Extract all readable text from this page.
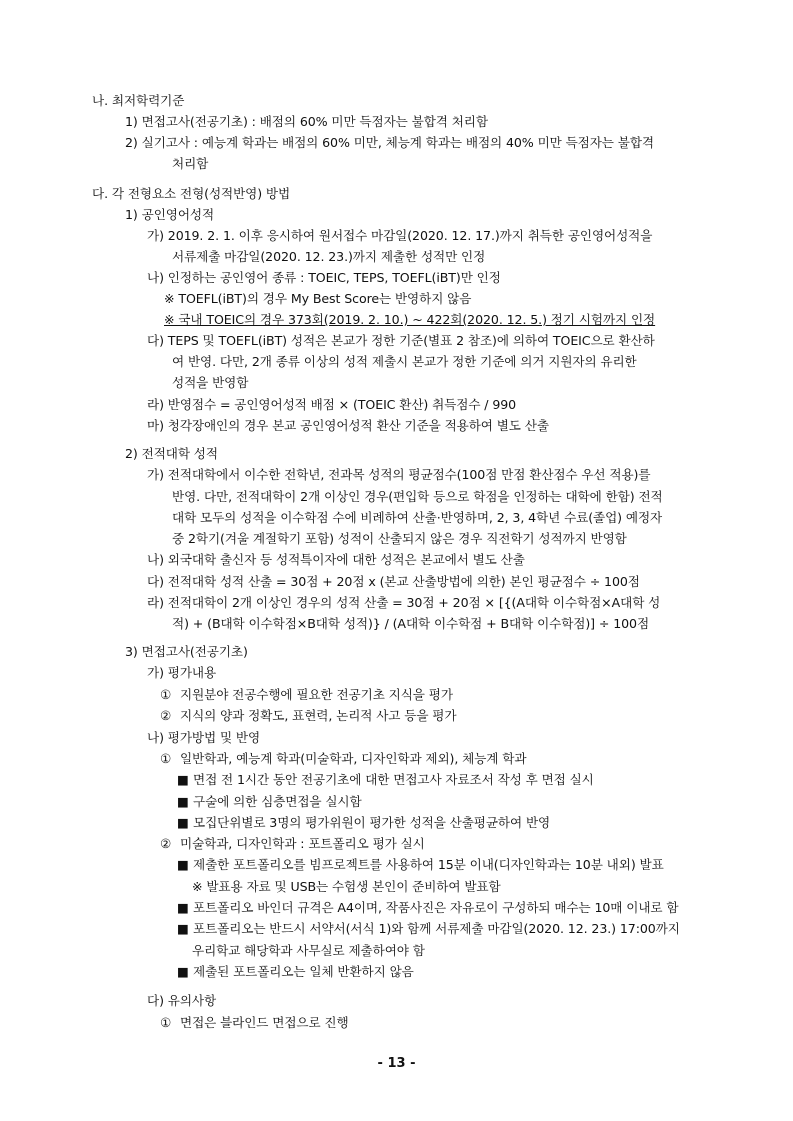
나. 최저학력기준
1) 면접고사(전공기초) : 배점의 60% 미만 득점자는 불합격 처리함
2) 실기고사 : 예능계 학과는 배점의 60% 미만, 체능계 학과는 배점의 40% 미만 득점자는 불합격
처리함
다. 각 전형요소 전형(성적반영) 방법
1) 공인영어성적
가) 2019. 2. 1. 이후 응시하여 원서접수 마감일(2020. 12. 17.)까지 취득한 공인영어성적을
서류제출 마감일(2020. 12. 23.)까지 제출한 성적만 인정
나) 인정하는 공인영어 종류 : TOEIC, TEPS, TOEFL(iBT)만 인정
※ TOEFL(iBT)의 경우 My Best Score는 반영하지 않음
※ 국내 TOEIC의 경우 373회(2019. 2. 10.) ~ 422회(2020. 12. 5.) 정기 시험까지 인정
다) TEPS 및 TOEFL(iBT) 성적은 본교가 정한 기준(별표 2 참조)에 의하여 TOEIC으로 환산하
여 반영. 다만, 2개 종류 이상의 성적 제출시 본교가 정한 기준에 의거 지원자의 유리한
성적을 반영함
라) 반영점수 = 공인영어성적 배점 × (TOEIC 환산) 취득점수 / 990
마) 청각장애인의 경우 본교 공인영어성적 환산 기준을 적용하여 별도 산출
2) 전적대학 성적
가) 전적대학에서 이수한 전학년, 전과목 성적의 평균점수(100점 만점 환산점수 우선 적용)를
반영. 다만, 전적대학이 2개 이상인 경우(편입학 등으로 학점을 인정하는 대학에 한함) 전적
대학 모두의 성적을 이수학점 수에 비례하여 산출·반영하며, 2, 3, 4학년 수료(졸업) 예정자
중 2학기(겨울 계절학기 포함) 성적이 산출되지 않은 경우 직전학기 성적까지 반영함
나) 외국대학 출신자 등 성적특이자에 대한 성적은 본교에서 별도 산출
다) 전적대학 성적 산출 = 30점 + 20점 x (본교 산출방법에 의한) 본인 평균점수 ÷ 100점
라) 전적대학이 2개 이상인 경우의 성적 산출 = 30점 + 20점 × [{(A대학 이수학점×A대학 성
적) + (B대학 이수학점×B대학 성적)} / (A대학 이수학점 + B대학 이수학점)] ÷ 100점
3) 면접고사(전공기초)
가) 평가내용
① 지원분야 전공수행에 필요한 전공기초 지식을 평가
② 지식의 양과 정확도, 표현력, 논리적 사고 등을 평가
나) 평가방법 및 반영
① 일반학과, 예능계 학과(미술학과, 디자인학과 제외), 체능계 학과
■ 면접 전 1시간 동안 전공기초에 대한 면접고사 자료조서 작성 후 면접 실시
■ 구술에 의한 심층면접을 실시함
■ 모집단위별로 3명의 평가위원이 평가한 성적을 산출평균하여 반영
② 미술학과, 디자인학과 : 포트폴리오 평가 실시
■ 제출한 포트폴리오를 빔프로젝트를 사용하여 15분 이내(디자인학과는 10분 내외) 발표
※ 발표용 자료 및 USB는 수험생 본인이 준비하여 발표함
■ 포트폴리오 바인더 규격은 A4이며, 작품사진은 자유로이 구성하되 매수는 10매 이내로 함
■ 포트폴리오는 반드시 서약서(서식 1)와 함께 서류제출 마감일(2020. 12. 23.) 17:00까지
우리학교 해당학과 사무실로 제출하여야 함
■ 제출된 포트폴리오는 일체 반환하지 않음
다) 유의사항
① 면접은 블라인드 면접으로 진행
- 13 -
